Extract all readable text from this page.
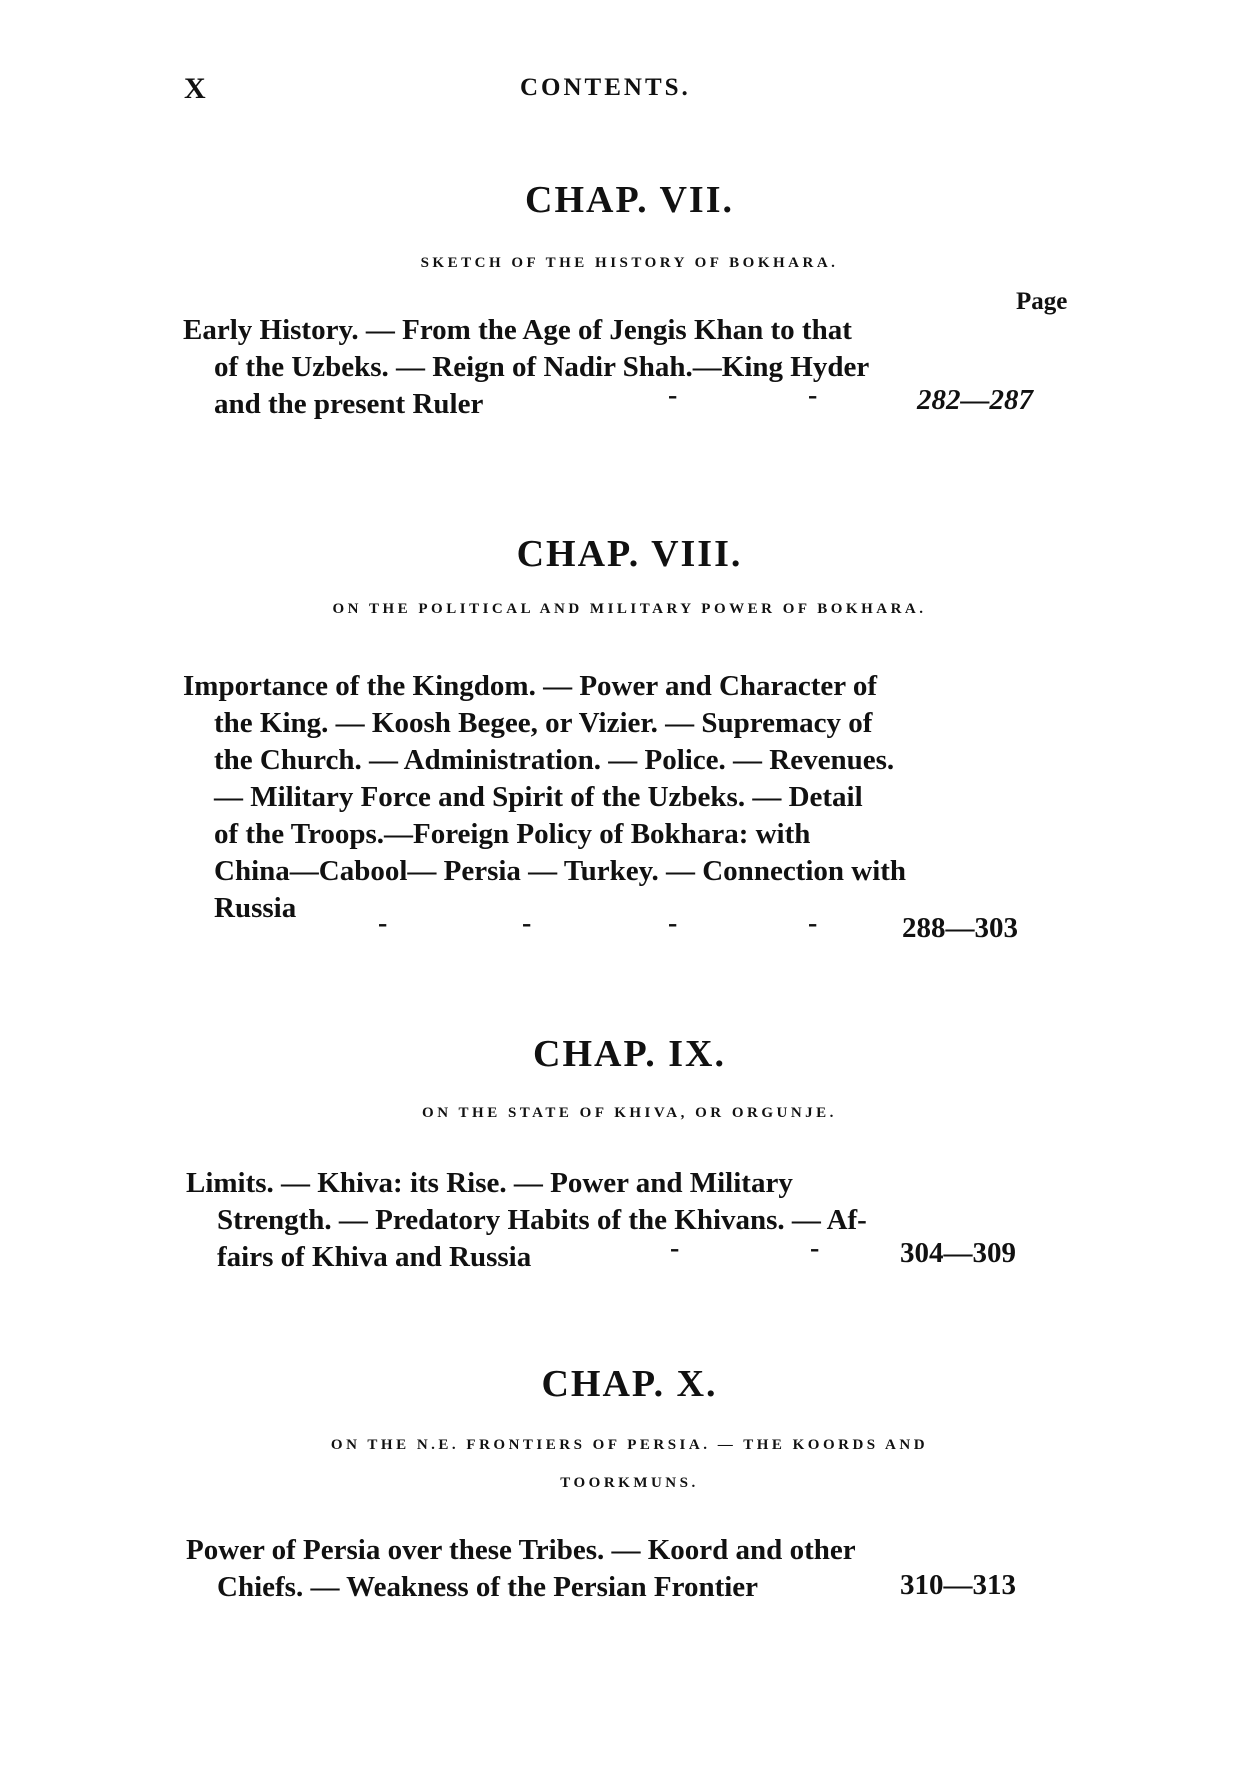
X	CONTENTS.
CHAP. VII.

SKETCH OF THE HISTORY OF BOKHARA.

Page
Early History. — From the Age of Jengis Khan to that
of the Uzbeks. — Reign of Nadir Shah.—King Hyder
and the present Ruler	-	-	282—287
CHAP. VIII.

ON THE POLITICAL AND MILITARY POWER OF BOKHARA.

Importance of the Kingdom. — Power and Character of
the King. — Koosh Begee, or Vizier. — Supremacy of
the Church. — Administration. — Police. — Revenues.
— Military Force and Spirit of the Uzbeks. — Detail
of the Troops.—Foreign Policy of Bokhara: with
China—Cabool— Persia — Turkey. — Connection with
Russia	-	-	-	-	288—303
CHAP. IX.

ON THE STATE OF KHIVA, OR ORGUNJE.

Limits. — Khiva: its Rise. — Power and Military
Strength. — Predatory Habits of the Khivans. — Af-
fairs of Khiva and Russia	-	-	304—309
CHAP. X.

ON THE N.E. FRONTIERS OF PERSIA. — THE KOORDS AND

TOORKMUNS.

Power of Persia over these Tribes. — Koord and other
Chiefs. — Weakness of the Persian Frontier	310—313
